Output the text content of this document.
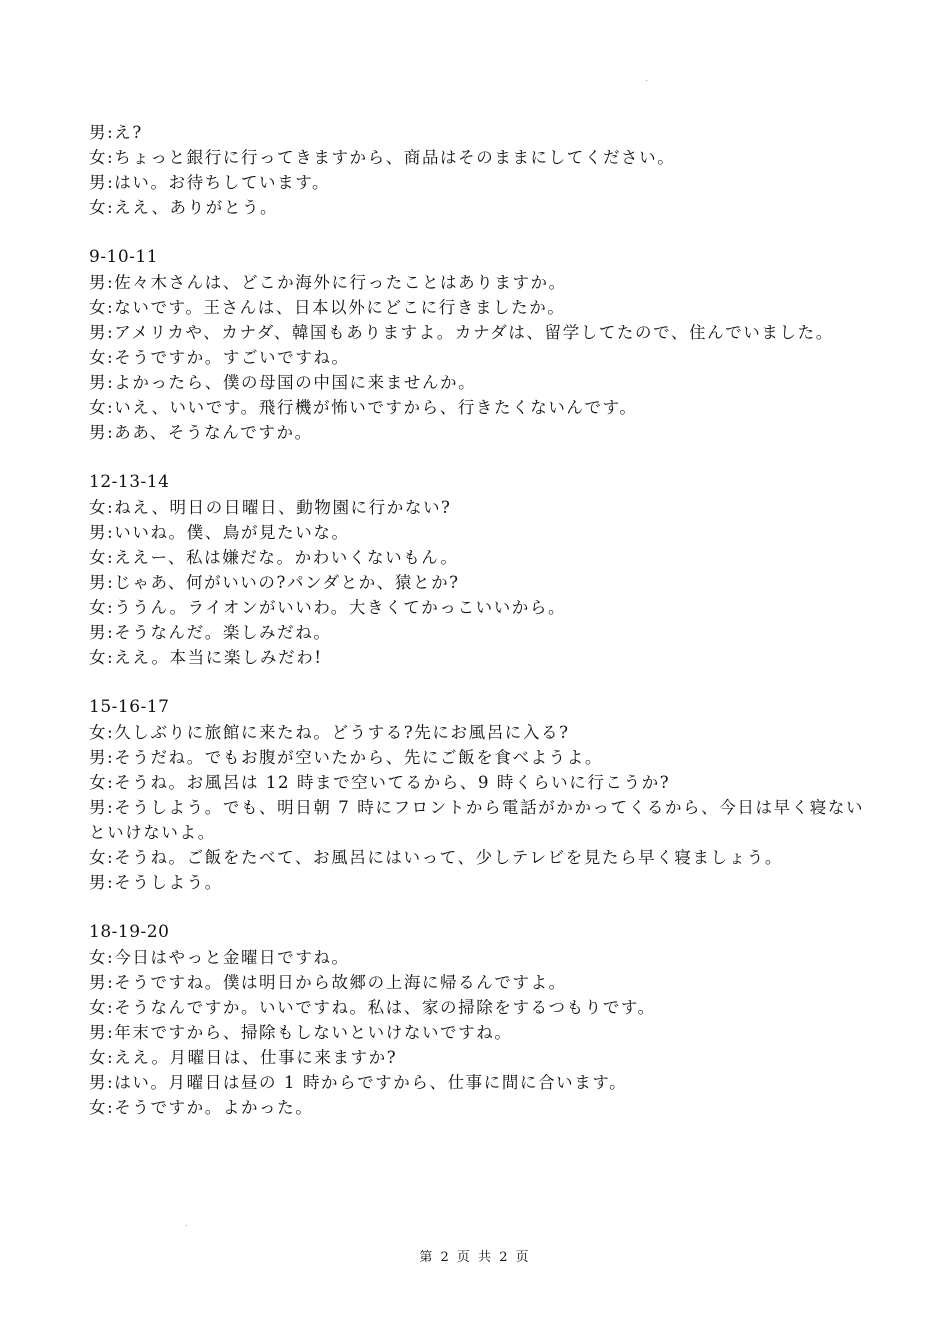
男:え?
女:ちょっと銀行に行ってきますから、商品はそのままにしてください。
男:はい。お待ちしています。
女:ええ、ありがとう。
9-10-11
男:佐々木さんは、どこか海外に行ったことはありますか。
女:ないです。王さんは、日本以外にどこに行きましたか。
男:アメリカや、カナダ、韓国もありますよ。カナダは、留学してたので、住んでいました。
女:そうですか。すごいですね。
男:よかったら、僕の母国の中国に来ませんか。
女:いえ、いいです。飛行機が怖いですから、行きたくないんです。
男:ああ、そうなんですか。
12-13-14
女:ねえ、明日の日曜日、動物園に行かない?
男:いいね。僕、鳥が見たいな。
女:ええー、私は嫌だな。かわいくないもん。
男:じゃあ、何がいいの?パンダとか、猿とか?
女:ううん。ライオンがいいわ。大きくてかっこいいから。
男:そうなんだ。楽しみだね。
女:ええ。本当に楽しみだわ!
15-16-17
女:久しぶりに旅館に来たね。どうする?先にお風呂に入る?
男:そうだね。でもお腹が空いたから、先にご飯を食べようよ。
女:そうね。お風呂は 12 時まで空いてるから、9 時くらいに行こうか?
男:そうしよう。でも、明日朝 7 時にフロントから電話がかかってくるから、今日は早く寝ないといけないよ。
女:そうね。ご飯をたべて、お風呂にはいって、少しテレビを見たら早く寝ましょう。
男:そうしよう。
18-19-20
女:今日はやっと金曜日ですね。
男:そうですね。僕は明日から故郷の上海に帰るんですよ。
女:そうなんですか。いいですね。私は、家の掃除をするつもりです。
男:年末ですから、掃除もしないといけないですね。
女:ええ。月曜日は、仕事に来ますか?
男:はい。月曜日は昼の 1 時からですから、仕事に間に合います。
女:そうですか。よかった。
第 2 页 共 2 页
